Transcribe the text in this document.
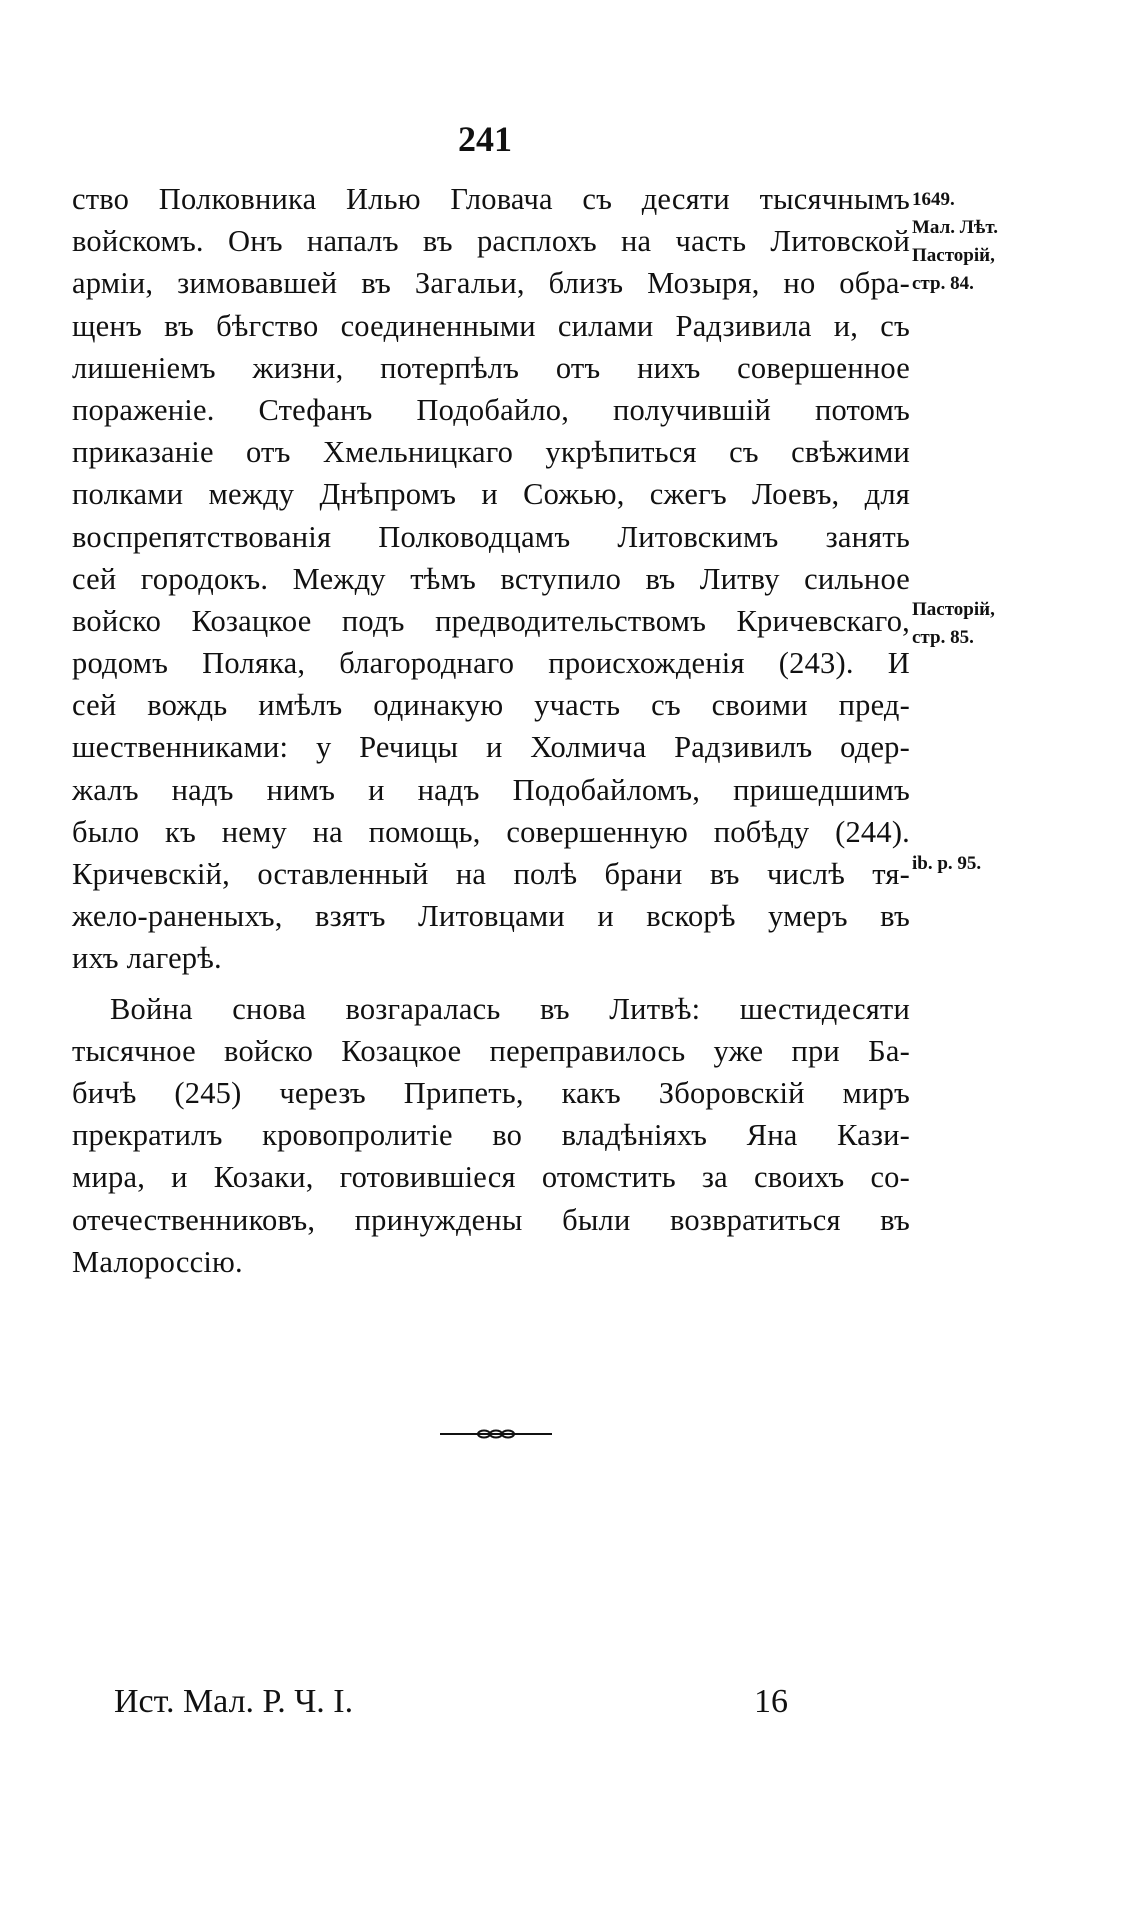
241
ство Полковника Илью Гловача съ десяти тысячнымъ
войскомъ. Онъ напалъ въ расплохъ на часть Литовской
арміи, зимовавшей въ Загальи, близъ Мозыря, но обра-
щенъ въ бѣгство соединенными силами Радзивила и, съ
лишеніемъ жизни, потерпѣлъ отъ нихъ совершенное
пораженіе. Стефанъ Подобайло, получившій потомъ
приказаніе отъ Хмельницкаго укрѣпиться съ свѣжими
полками между Днѣпромъ и Сожью, сжегъ Лоевъ, для
воспрепятствованія Полководцамъ Литовскимъ занять
сей городокъ. Между тѣмъ вступило въ Литву сильное
войско Козацкое подъ предводительствомъ Кричевскаго,
родомъ Поляка, благороднаго происхожденія (243). И
сей вождь имѣлъ одинакую участь съ своими пред-
шественниками: у Речицы и Холмича Радзивилъ одер-
жалъ надъ нимъ и надъ Подобайломъ, пришедшимъ
было къ нему на помощь, совершенную побѣду (244).
Кричевскій, оставленный на полѣ брани въ числѣ тя-
жело-раненыхъ, взятъ Литовцами и вскорѣ умеръ въ
ихъ лагерѣ.
Война снова возгаралась въ Литвѣ: шестидесяти
тысячное войско Козацкое переправилось уже при Ба-
бичѣ (245) черезъ Припеть, какъ Зборовскій миръ
прекратилъ кровопролитіе во владѣніяхъ Яна Кази-
мира, и Козаки, готовившіеся отомстить за своихъ со-
отечественниковъ, принуждены были возвратиться въ
Малороссію.
1649.
Мал. Лѣт.
Пасторій,
стр. 84.
Пасторій,
стр. 85.
ib. p. 95.
Ист. Мал. Р. Ч. I.	16
